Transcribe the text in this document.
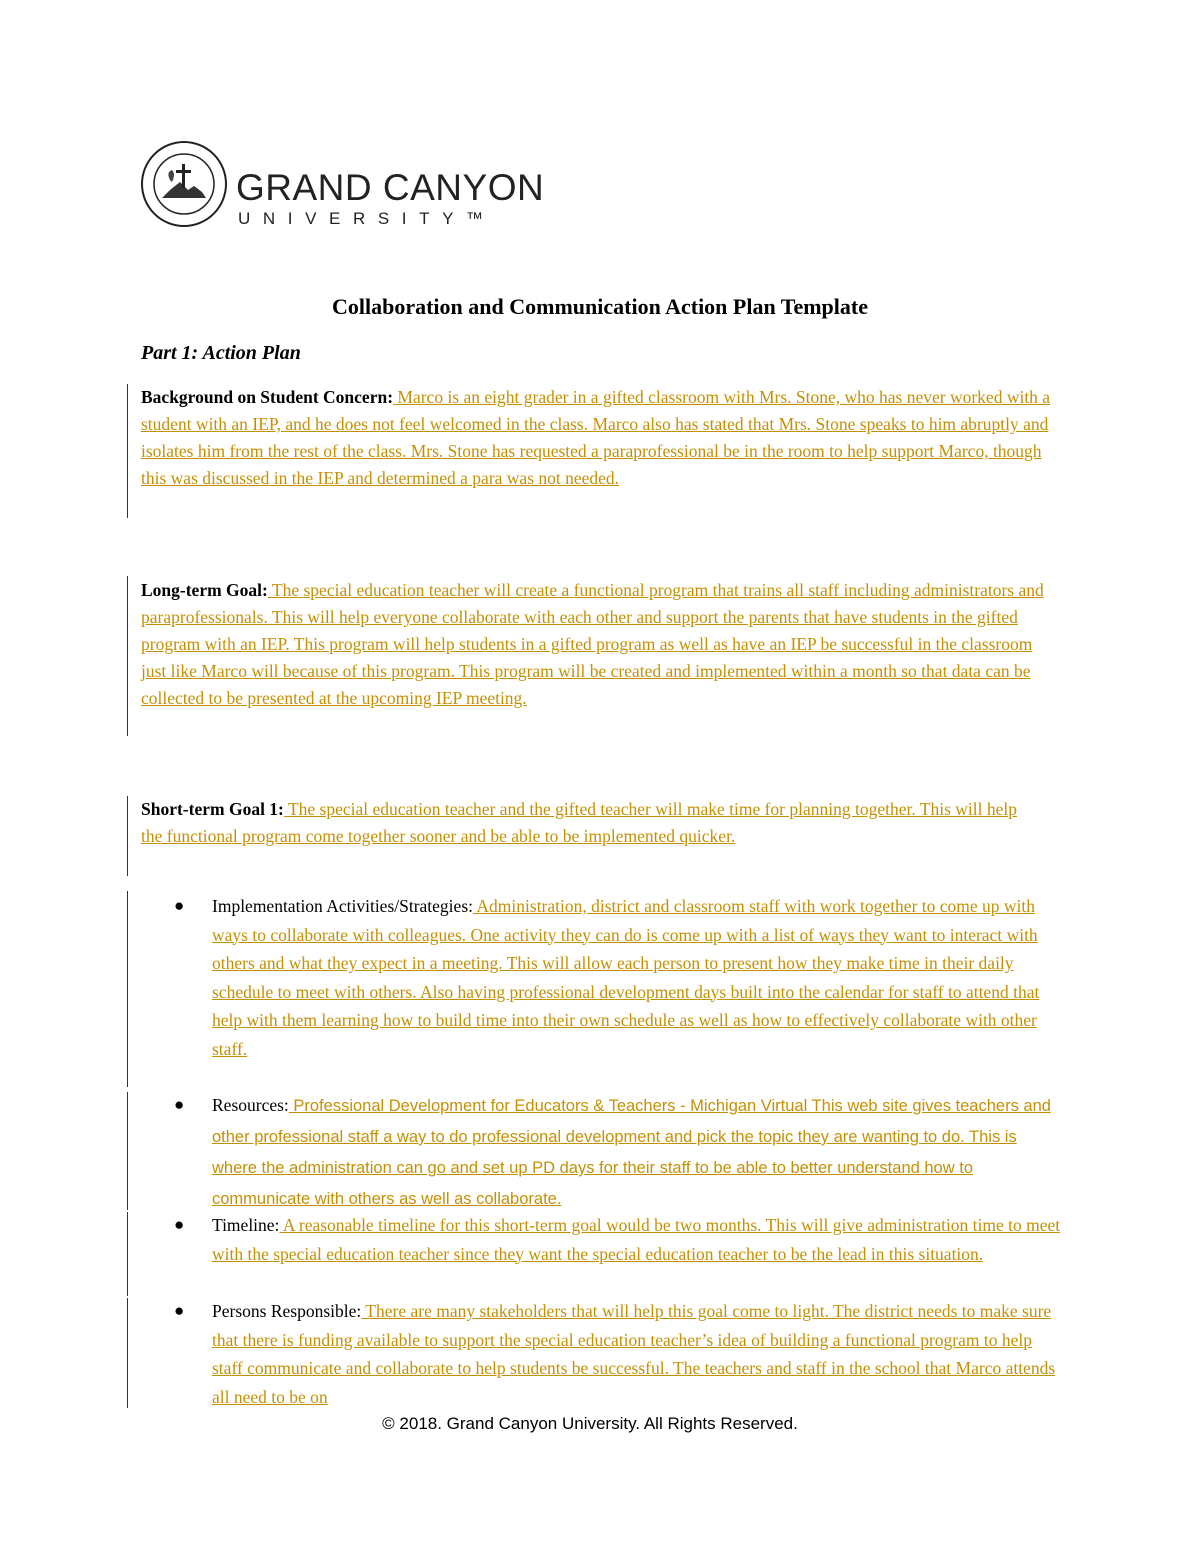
GRAND CANYON
UNIVERSITY™
Collaboration and Communication Action Plan Template
Part 1: Action Plan
Background on Student Concern: Marco is an eight grader in a gifted classroom with Mrs. Stone, who has never worked with a student with an IEP, and he does not feel welcomed in the class. Marco also has stated that Mrs. Stone speaks to him abruptly and isolates him from the rest of the class. Mrs. Stone has requested a paraprofessional be in the room to help support Marco, though this was discussed in the IEP and determined a para was not needed.
Long-term Goal: The special education teacher will create a functional program that trains all staff including administrators and paraprofessionals. This will help everyone collaborate with each other and support the parents that have students in the gifted program with an IEP. This program will help students in a gifted program as well as have an IEP be successful in the classroom just like Marco will because of this program. This program will be created and implemented within a month so that data can be collected to be presented at the upcoming IEP meeting.
Short-term Goal 1: The special education teacher and the gifted teacher will make time for planning together. This will help the functional program come together sooner and be able to be implemented quicker.
● Implementation Activities/Strategies: Administration, district and classroom staff with work together to come up with ways to collaborate with colleagues. One activity they can do is come up with a list of ways they want to interact with others and what they expect in a meeting. This will allow each person to present how they make time in their daily schedule to meet with others. Also having professional development days built into the calendar for staff to attend that help with them learning how to build time into their own schedule as well as how to effectively collaborate with other staff.
● Resources: Professional Development for Educators & Teachers - Michigan Virtual This web site gives teachers and other professional staff a way to do professional development and pick the topic they are wanting to do. This is where the administration can go and set up PD days for their staff to be able to better understand how to communicate with others as well as collaborate.
● Timeline: A reasonable timeline for this short-term goal would be two months. This will give administration time to meet with the special education teacher since they want the special education teacher to be the lead in this situation.
● Persons Responsible: There are many stakeholders that will help this goal come to light. The district needs to make sure that there is funding available to support the special education teacher’s idea of building a functional program to help staff communicate and collaborate to help students be successful. The teachers and staff in the school that Marco attends all need to be on
© 2018. Grand Canyon University. All Rights Reserved.
